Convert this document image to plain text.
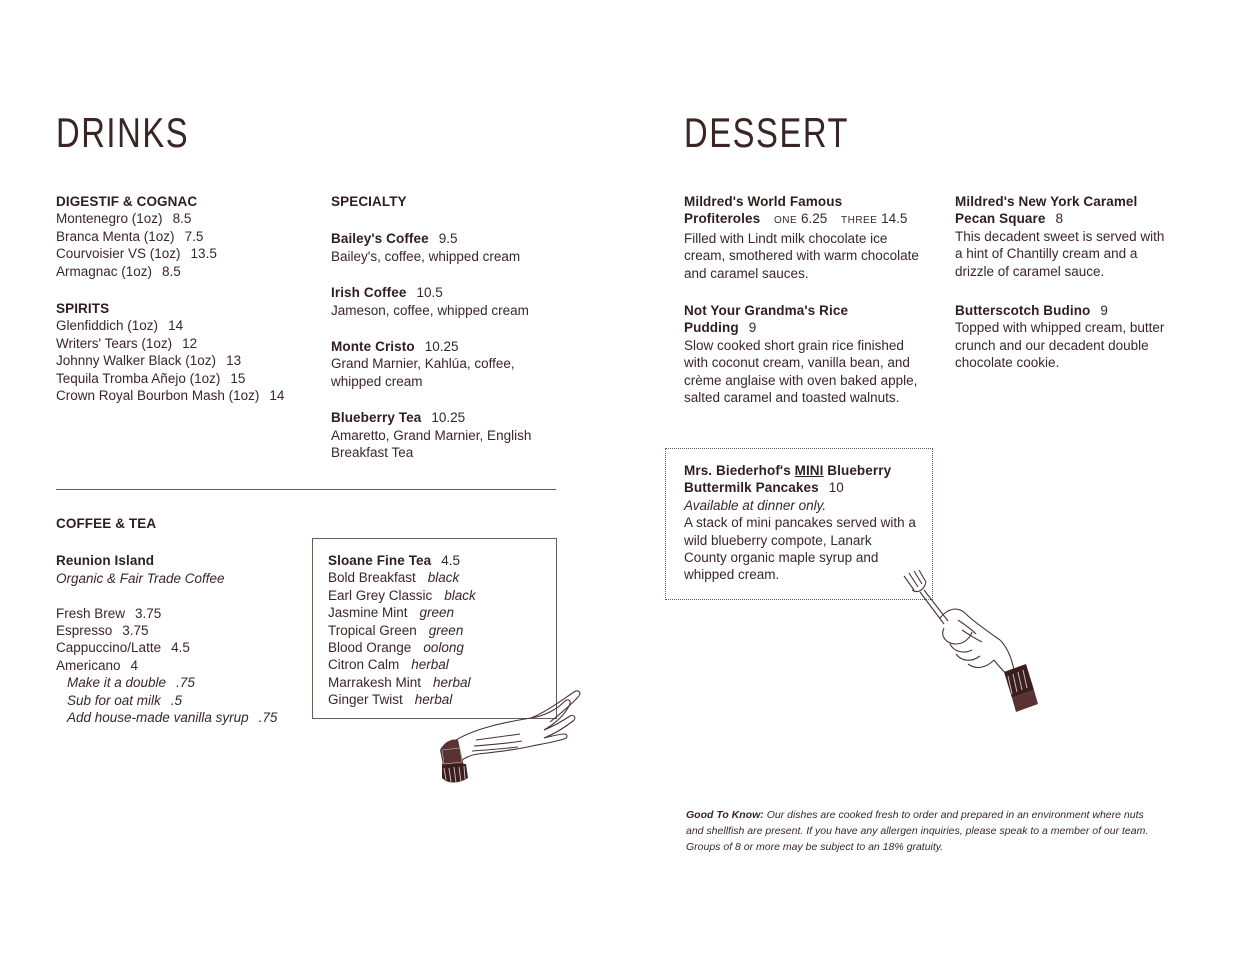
DRINKS
DIGESTIF & COGNAC
Montenegro (1oz) 8.5
Branca Menta (1oz) 7.5
Courvoisier VS (1oz) 13.5
Armagnac (1oz) 8.5
SPIRITS
Glenfiddich (1oz) 14
Writers' Tears (1oz) 12
Johnny Walker Black (1oz) 13
Tequila Tromba Añejo (1oz) 15
Crown Royal Bourbon Mash (1oz) 14
SPECIALTY
Bailey's Coffee 9.5
Bailey's, coffee, whipped cream
Irish Coffee 10.5
Jameson, coffee, whipped cream
Monte Cristo 10.25
Grand Marnier, Kahlúa, coffee, whipped cream
Blueberry Tea 10.25
Amaretto, Grand Marnier, English Breakfast Tea
COFFEE & TEA
Reunion Island
Organic & Fair Trade Coffee
Fresh Brew 3.75
Espresso 3.75
Cappuccino/Latte 4.5
Americano 4
Make it a double .75
Sub for oat milk .5
Add house-made vanilla syrup .75
Sloane Fine Tea 4.5
Bold Breakfast black
Earl Grey Classic black
Jasmine Mint green
Tropical Green green
Blood Orange oolong
Citron Calm herbal
Marrakesh Mint herbal
Ginger Twist herbal
DESSERT
Mildred's World Famous
Profiteroles ONE 6.25 THREE 14.5
Filled with Lindt milk chocolate ice cream, smothered with warm chocolate and caramel sauces.
Not Your Grandma's Rice
Pudding 9
Slow cooked short grain rice finished with coconut cream, vanilla bean, and crème anglaise with oven baked apple, salted caramel and toasted walnuts.
Mildred's New York Caramel
Pecan Square 8
This decadent sweet is served with a hint of Chantilly cream and a drizzle of caramel sauce.
Butterscotch Budino 9
Topped with whipped cream, butter crunch and our decadent double chocolate cookie.
Mrs. Biederhof's MINI Blueberry
Buttermilk Pancakes 10
Available at dinner only.
A stack of mini pancakes served with a wild blueberry compote, Lanark County organic maple syrup and whipped cream.
Good To Know: Our dishes are cooked fresh to order and prepared in an environment where nuts and shellfish are present. If you have any allergen inquiries, please speak to a member of our team. Groups of 8 or more may be subject to an 18% gratuity.
